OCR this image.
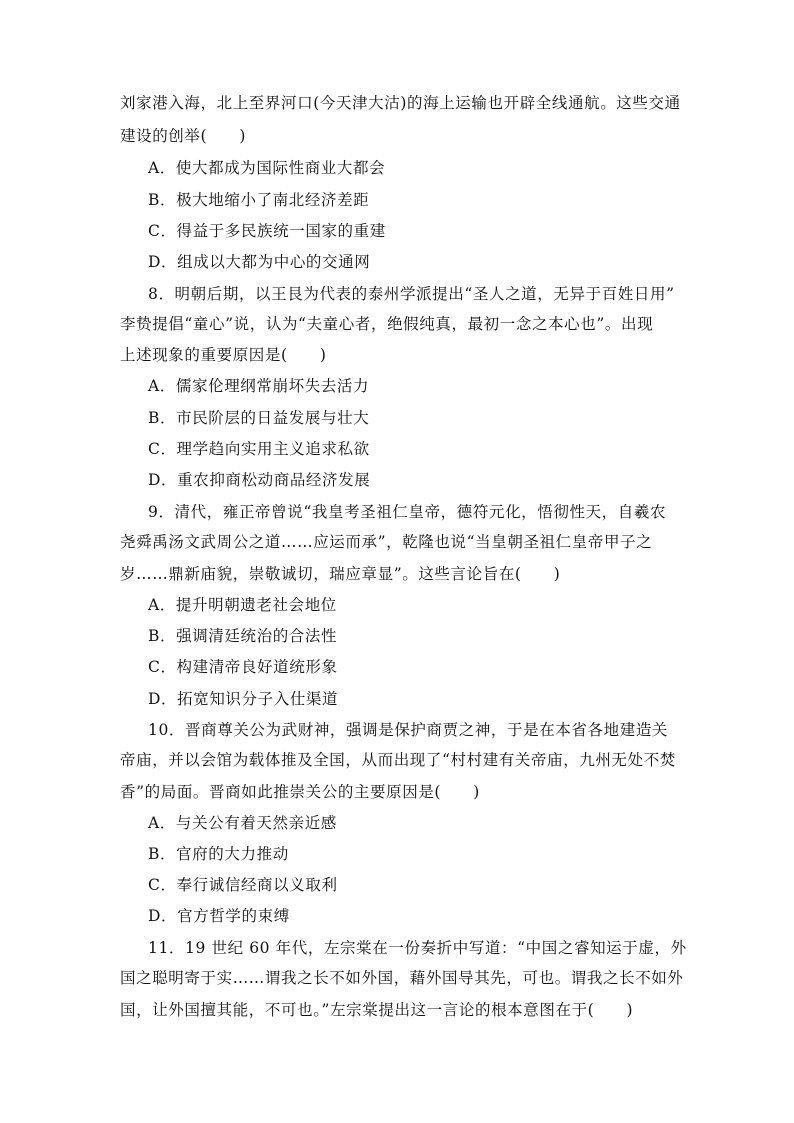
刘家港入海，北上至界河口(今天津大沽)的海上运输也开辟全线通航。这些交通
建设的创举(　　)
A．使大都成为国际性商业大都会
B．极大地缩小了南北经济差距
C．得益于多民族统一国家的重建
D．组成以大都为中心的交通网
8．明朝后期，以王艮为代表的泰州学派提出“圣人之道，无异于百姓日用”
李贽提倡“童心”说，认为“夫童心者，绝假纯真，最初一念之本心也”。出现
上述现象的重要原因是(　　)
A．儒家伦理纲常崩坏失去活力
B．市民阶层的日益发展与壮大
C．理学趋向实用主义追求私欲
D．重农抑商松动商品经济发展
9．清代，雍正帝曾说“我皇考圣祖仁皇帝，德符元化，悟彻性天，自羲农
尧舜禹汤文武周公之道……应运而承”，乾隆也说“当皇朝圣祖仁皇帝甲子之
岁……鼎新庙貌，崇敬诚切，瑞应章显”。这些言论旨在(　　)
A．提升明朝遗老社会地位
B．强调清廷统治的合法性
C．构建清帝良好道统形象
D．拓宽知识分子入仕渠道
10．晋商尊关公为武财神，强调是保护商贾之神，于是在本省各地建造关
帝庙，并以会馆为载体推及全国，从而出现了“村村建有关帝庙，九州无处不焚
香”的局面。晋商如此推崇关公的主要原因是(　　)
A．与关公有着天然亲近感
B．官府的大力推动
C．奉行诚信经商以义取利
D．官方哲学的束缚
11．19 世纪 60 年代，左宗棠在一份奏折中写道：“中国之睿知运于虚，外
国之聪明寄于实……谓我之长不如外国，藉外国导其先，可也。谓我之长不如外
国，让外国擅其能，不可也。”左宗棠提出这一言论的根本意图在于(　　)
